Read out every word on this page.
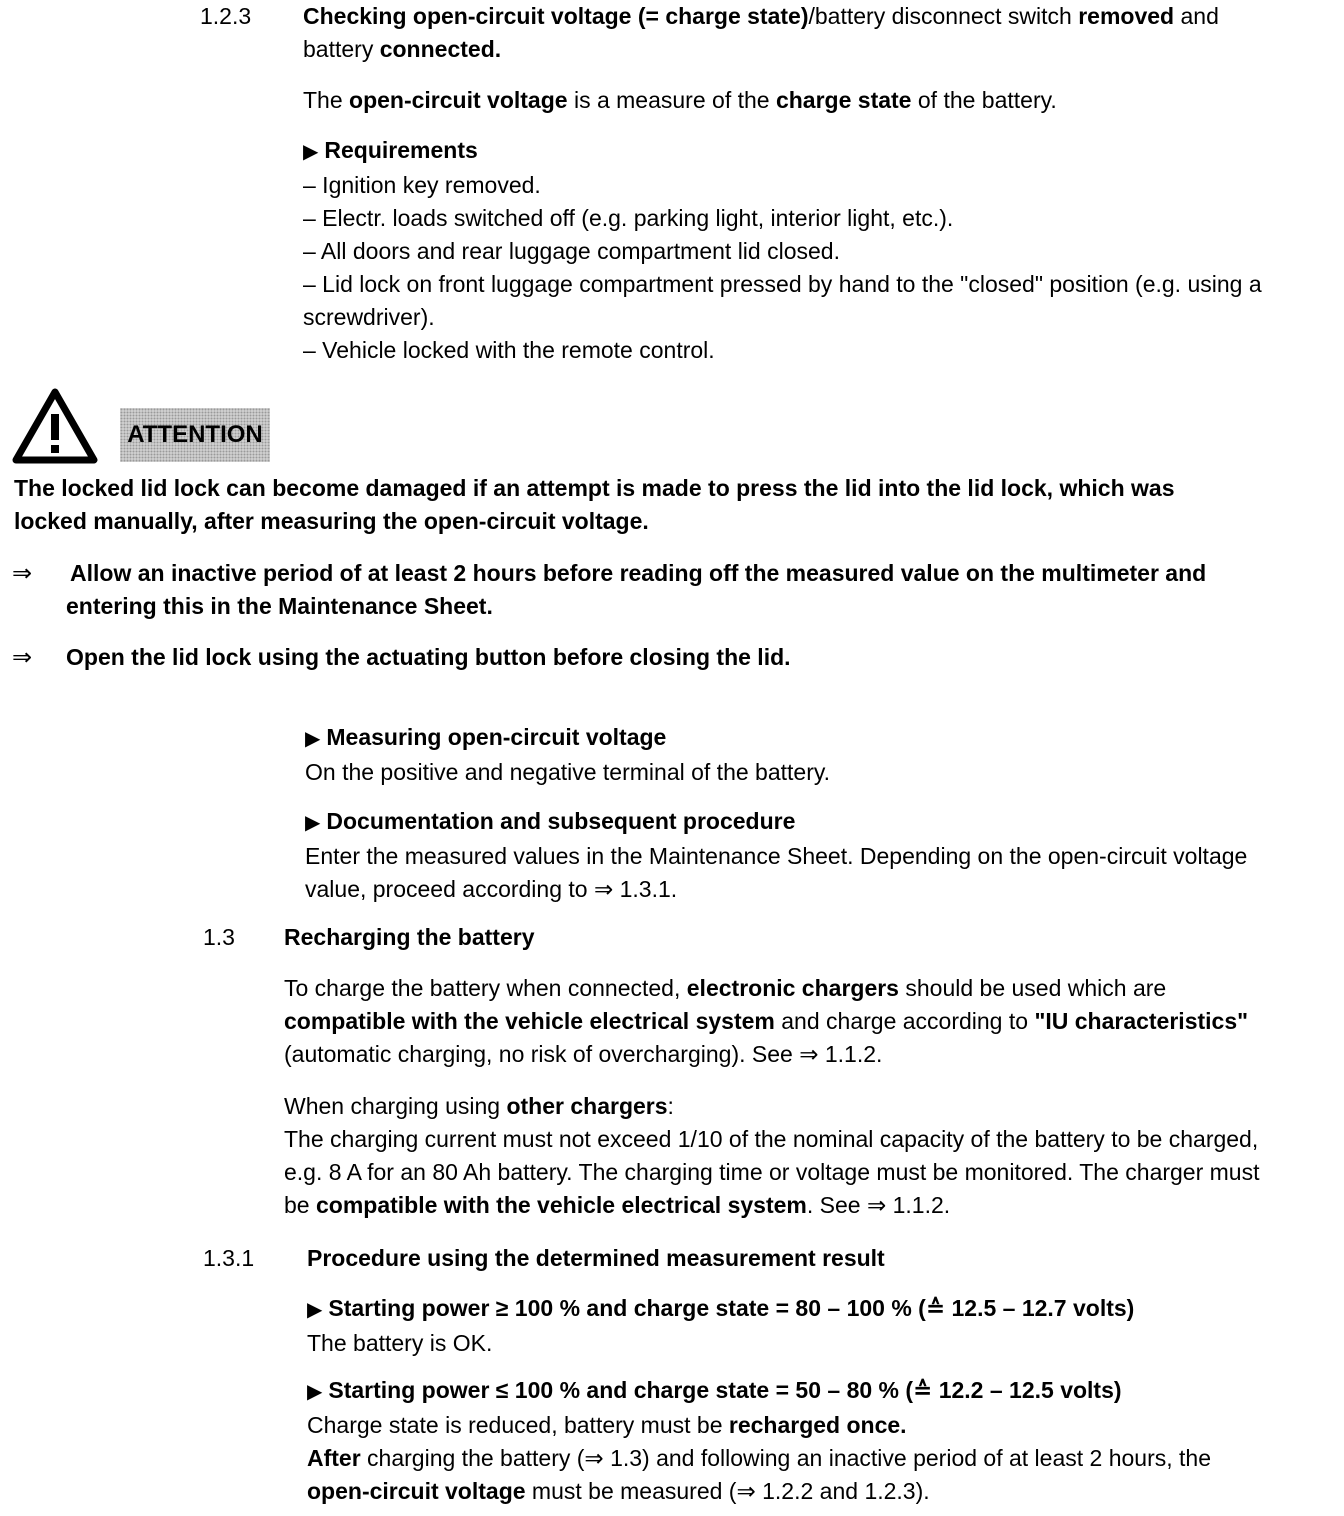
1.2.3 Checking open-circuit voltage (= charge state)/battery disconnect switch removed and
battery connected.
The open-circuit voltage is a measure of the charge state of the battery.
▶ Requirements
– Ignition key removed.
– Electr. loads switched off (e.g. parking light, interior light, etc.).
– All doors and rear luggage compartment lid closed.
– Lid lock on front luggage compartment pressed by hand to the "closed" position (e.g. using a
screwdriver).
– Vehicle locked with the remote control.
ATTENTION
The locked lid lock can become damaged if an attempt is made to press the lid into the lid lock, which was
locked manually, after measuring the open-circuit voltage.
⇒ Allow an inactive period of at least 2 hours before reading off the measured value on the multimeter and
entering this in the Maintenance Sheet.
⇒ Open the lid lock using the actuating button before closing the lid.
▶ Measuring open-circuit voltage
On the positive and negative terminal of the battery.
▶ Documentation and subsequent procedure
Enter the measured values in the Maintenance Sheet. Depending on the open-circuit voltage
value, proceed according to ⇒ 1.3.1.
1.3 Recharging the battery
To charge the battery when connected, electronic chargers should be used which are
compatible with the vehicle electrical system and charge according to "IU characteristics"
(automatic charging, no risk of overcharging). See ⇒ 1.1.2.
When charging using other chargers:
The charging current must not exceed 1/10 of the nominal capacity of the battery to be charged,
e.g. 8 A for an 80 Ah battery. The charging time or voltage must be monitored. The charger must
be compatible with the vehicle electrical system. See ⇒ 1.1.2.
1.3.1 Procedure using the determined measurement result
▶ Starting power ≥ 100 % and charge state = 80 – 100 % (≙ 12.5 – 12.7 volts)
The battery is OK.
▶ Starting power ≤ 100 % and charge state = 50 – 80 % (≙ 12.2 – 12.5 volts)
Charge state is reduced, battery must be recharged once.
After charging the battery (⇒ 1.3) and following an inactive period of at least 2 hours, the
open-circuit voltage must be measured (⇒ 1.2.2 and 1.2.3).
